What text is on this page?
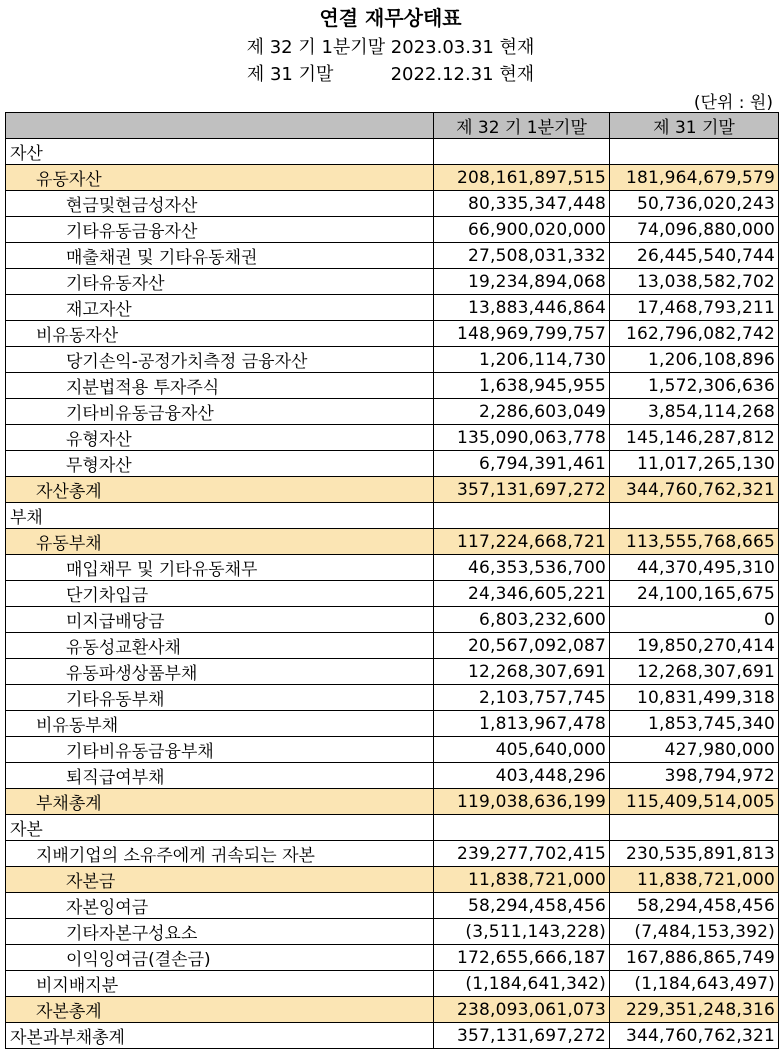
연결 재무상태표
제 32 기 1분기말 2023.03.31 현재
제 31 기말          2022.12.31 현재
(단위 : 원)
	제 32 기 1분기말	제 31 기말
자산		
유동자산	208,161,897,515	181,964,679,579
현금및현금성자산	80,335,347,448	50,736,020,243
기타유동금융자산	66,900,020,000	74,096,880,000
매출채권 및 기타유동채권	27,508,031,332	26,445,540,744
기타유동자산	19,234,894,068	13,038,582,702
재고자산	13,883,446,864	17,468,793,211
비유동자산	148,969,799,757	162,796,082,742
당기손익-공정가치측정 금융자산	1,206,114,730	1,206,108,896
지분법적용 투자주식	1,638,945,955	1,572,306,636
기타비유동금융자산	2,286,603,049	3,854,114,268
유형자산	135,090,063,778	145,146,287,812
무형자산	6,794,391,461	11,017,265,130
자산총계	357,131,697,272	344,760,762,321
부채		
유동부채	117,224,668,721	113,555,768,665
매입채무 및 기타유동채무	46,353,536,700	44,370,495,310
단기차입금	24,346,605,221	24,100,165,675
미지급배당금	6,803,232,600	0
유동성교환사채	20,567,092,087	19,850,270,414
유동파생상품부채	12,268,307,691	12,268,307,691
기타유동부채	2,103,757,745	10,831,499,318
비유동부채	1,813,967,478	1,853,745,340
기타비유동금융부채	405,640,000	427,980,000
퇴직급여부채	403,448,296	398,794,972
부채총계	119,038,636,199	115,409,514,005
자본		
지배기업의 소유주에게 귀속되는 자본	239,277,702,415	230,535,891,813
자본금	11,838,721,000	11,838,721,000
자본잉여금	58,294,458,456	58,294,458,456
기타자본구성요소	(3,511,143,228)	(7,484,153,392)
이익잉여금(결손금)	172,655,666,187	167,886,865,749
비지배지분	(1,184,641,342)	(1,184,643,497)
자본총계	238,093,061,073	229,351,248,316
자본과부채총계	357,131,697,272	344,760,762,321
